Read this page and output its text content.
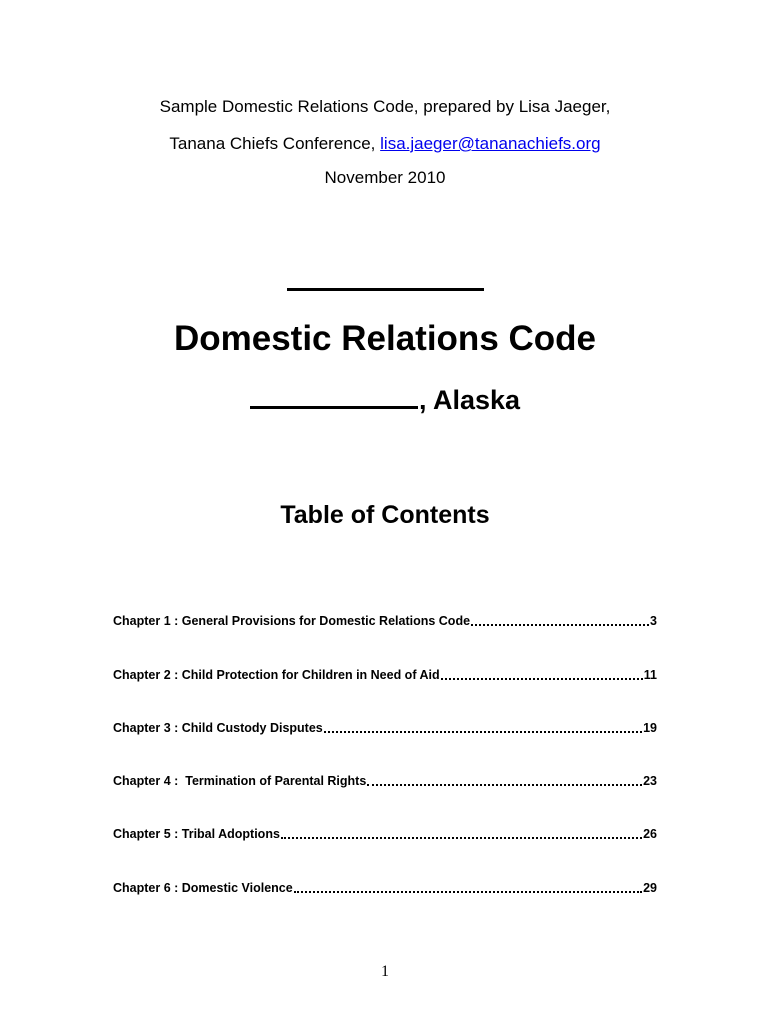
Sample Domestic Relations Code, prepared by Lisa Jaeger,
Tanana Chiefs Conference, lisa.jaeger@tananachiefs.org
November 2010
Domestic Relations Code
, Alaska
Table of Contents
Chapter 1 : General Provisions for Domestic Relations Code	3
Chapter 2 : Child Protection for Children in Need of Aid	11
Chapter 3 : Child Custody Disputes	19
Chapter 4 :  Termination of Parental Rights	23
Chapter 5 : Tribal Adoptions	26
Chapter 6 : Domestic Violence	29
1
